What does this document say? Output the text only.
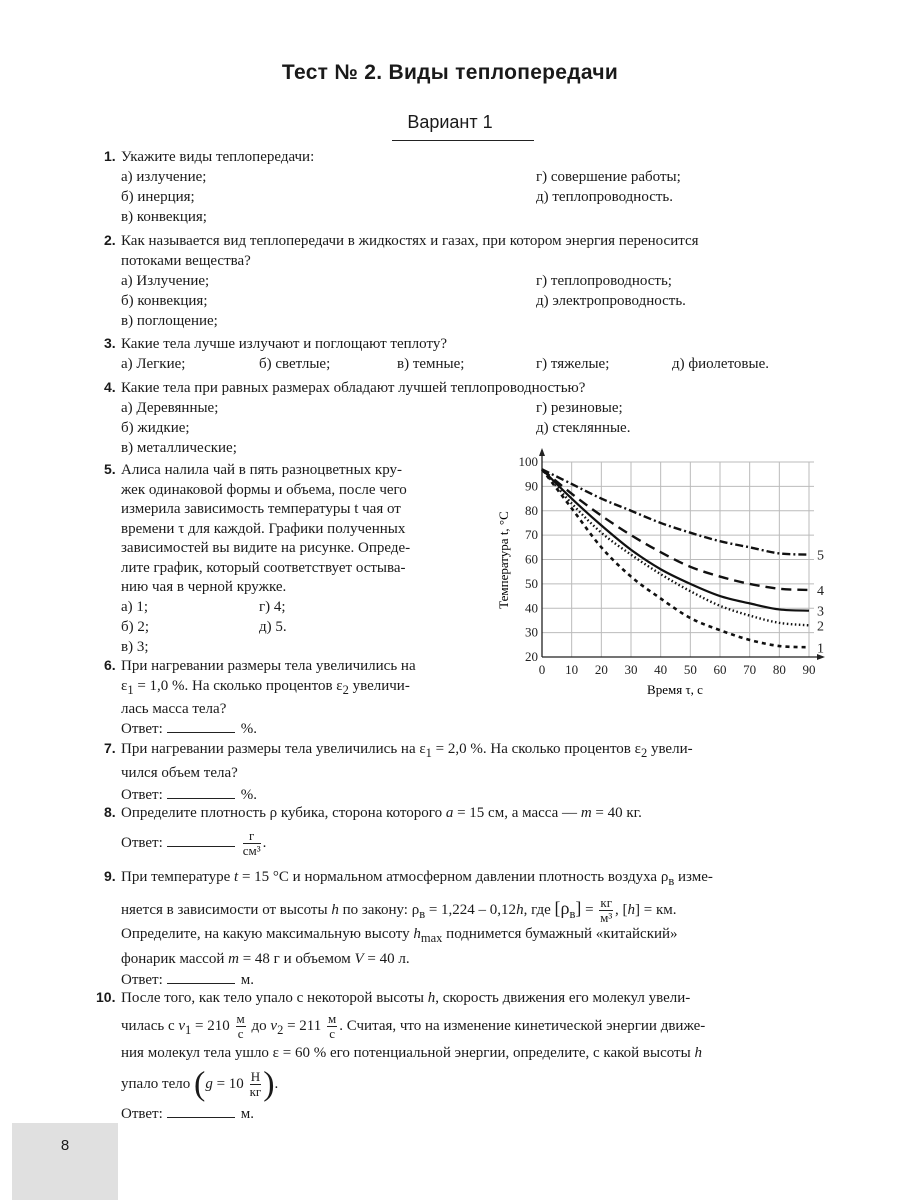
Тест № 2. Виды теплопередачи
Вариант 1
1. Укажите виды теплопередачи:
а) излучение;	г) совершение работы;
б) инерция;	д) теплопроводность.
в) конвекция;
2. Как называется вид теплопередачи в жидкостях и газах, при котором энергия переносится
потоками вещества?
а) Излучение;	г) теплопроводность;
б) конвекция;	д) электропроводность.
в) поглощение;
3. Какие тела лучше излучают и поглощают теплоту?
а) Легкие;	б) светлые;	в) темные;	г) тяжелые;	д) фиолетовые.
4. Какие тела при равных размерах обладают лучшей теплопроводностью?
а) Деревянные;	г) резиновые;
б) жидкие;	д) стеклянные.
в) металлические;
5. Алиса налила чай в пять разноцветных кру-
жек одинаковой формы и объема, после чего
измерила зависимость температуры t чая от
времени τ для каждой. Графики полученных
зависимостей вы видите на рисунке. Опреде-
лите график, который соответствует остыва-
нию чая в черной кружке.
а) 1;	г) 4;
б) 2;	д) 5.
в) 3;
0 10 20 30 40 50 60 70 80 90
20
30
40
50
60
70
80
90
100
1
2
3
4
5
Время τ, с
Температура t, °C
6. При нагревании размеры тела увеличились на
$\varepsilon_1 = 1,0$ %. На сколько процентов $\varepsilon_2$ увеличи-
лась масса тела?
Ответ:	%.
7. При нагревании размеры тела увеличились на $\varepsilon_1 = 2,0$ %. На сколько процентов $\varepsilon_2$ увели-
чился объем тела?
Ответ:	%.
8. Определите плотность ρ кубика, сторона которого a = 15 см, а масса — m = 40 кг.
Ответ:	$\frac{г}{\text{см³}}$ .
9. При температуре t = 15 °C и нормальном атмосферном давлении плотность воздуха $\rho_в$ изме-
няется в зависимости от высоты h по закону: $\rho_в = 1,224 - 0,12h$, где $[\rho_в] = \frac{кг}{\text{м³}}$ , [h] = км.
Определите, на какую максимальную высоту $h_{max}$ поднимется бумажный «китайский»
фонарик массой m = 48 г и объемом V = 40 л.
Ответ:	м.
10. После того, как тело упало с некоторой высоты h, скорость движения его молекул увели-
чилась с $v_1 = 210 \frac{м}{с}$ до $v_2 = 211 \frac{м}{с}$ . Считая, что на изменение кинетической энергии движе-
ния молекул тела ушло ε = 60 % его потенциальной энергии, определите, с какой высоты h
упало тело ($g = 10 \frac{Н}{кг}$ ).
Ответ:	м.
8
